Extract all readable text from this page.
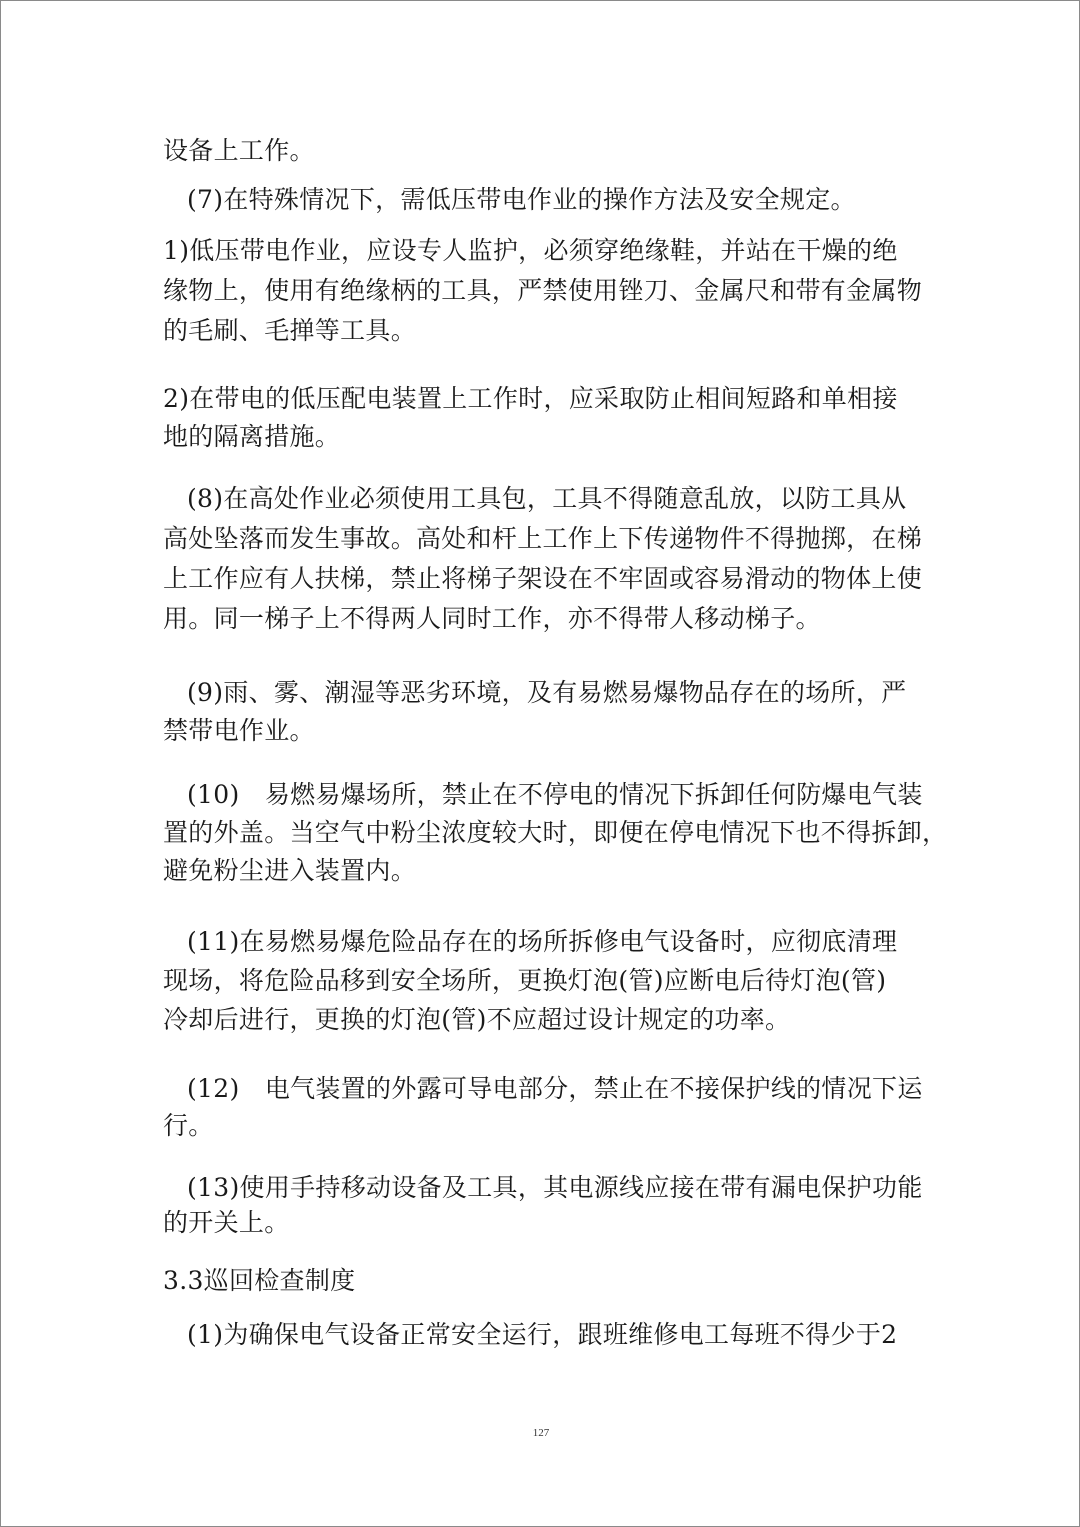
设备上工作。

(7)在特殊情况下，需低压带电作业的操作方法及安全规定。

1)低压带电作业，应设专人监护，必须穿绝缘鞋，并站在干燥的绝

缘物上，使用有绝缘柄的工具，严禁使用锉刀、金属尺和带有金属物

的毛刷、毛掸等工具。

2)在带电的低压配电装置上工作时，应采取防止相间短路和单相接

地的隔离措施。

(8)在高处作业必须使用工具包，工具不得随意乱放，以防工具从

高处坠落而发生事故。高处和杆上工作上下传递物件不得抛掷，在梯

上工作应有人扶梯，禁止将梯子架设在不牢固或容易滑动的物体上使

用。同一梯子上不得两人同时工作，亦不得带人移动梯子。

(9)雨、雾、潮湿等恶劣环境，及有易燃易爆物品存在的场所，严

禁带电作业。

(10)　易燃易爆场所，禁止在不停电的情况下拆卸任何防爆电气装

置的外盖。当空气中粉尘浓度较大时，即便在停电情况下也不得拆卸，

避免粉尘进入装置内。

(11)在易燃易爆危险品存在的场所拆修电气设备时，应彻底清理

现场，将危险品移到安全场所，更换灯泡(管)应断电后待灯泡(管)

冷却后进行，更换的灯泡(管)不应超过设计规定的功率。

(12)　电气装置的外露可导电部分，禁止在不接保护线的情况下运

行。

(13)使用手持移动设备及工具，其电源线应接在带有漏电保护功能

的开关上。

3.3巡回检查制度

(1)为确保电气设备正常安全运行，跟班维修电工每班不得少于2

127
